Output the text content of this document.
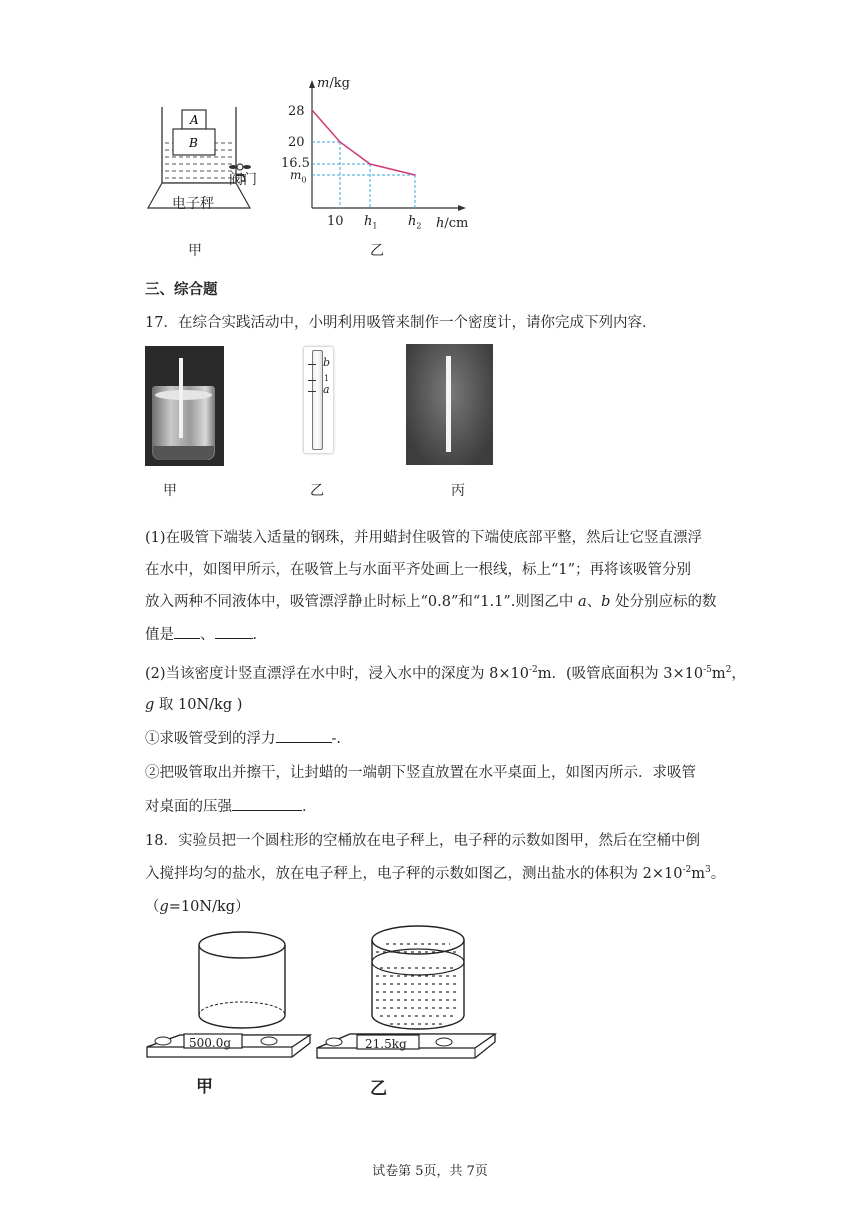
A
B
阀门
电子秤
甲
m/kg
28
20
16.5
$m_0$
10 $h_1$ $h_2$ h/cm
乙
三、综合题
17．在综合实践活动中，小明利用吸管来制作一个密度计，请你完成下列内容．
b
1
a
甲	乙	丙
(1)在吸管下端装入适量的钢珠，并用蜡封住吸管的下端使底部平整，然后让它竖直漂浮
在水中，如图甲所示，在吸管上与水面平齐处画上一根线，标上“1”；再将该吸管分别
放入两种不同液体中，吸管漂浮静止时标上“0.8”和“1.1”.则图乙中 a、b 处分别应标的数
值是 、	．
(2)当该密度计竖直漂浮在水中时，浸入水中的深度为 $8\times 10^{-2}m$．(吸管底面积为 $3\times 10^{-5}m^2$，
g 取 10N/kg )
①求吸管受到的浮力	-.
②把吸管取出并擦干，让封蜡的一端朝下竖直放置在水平桌面上，如图丙所示．求吸管
对桌面的压强	．
18．实验员把一个圆柱形的空桶放在电子秤上，电子秤的示数如图甲，然后在空桶中倒
入搅拌均匀的盐水，放在电子秤上，电子秤的示数如图乙，测出盐水的体积为 $2\times 10^{-2}m^3$。
（g=10N/kg）
500.0g	21.5kg
甲	乙
试卷第 5页，共 7页
